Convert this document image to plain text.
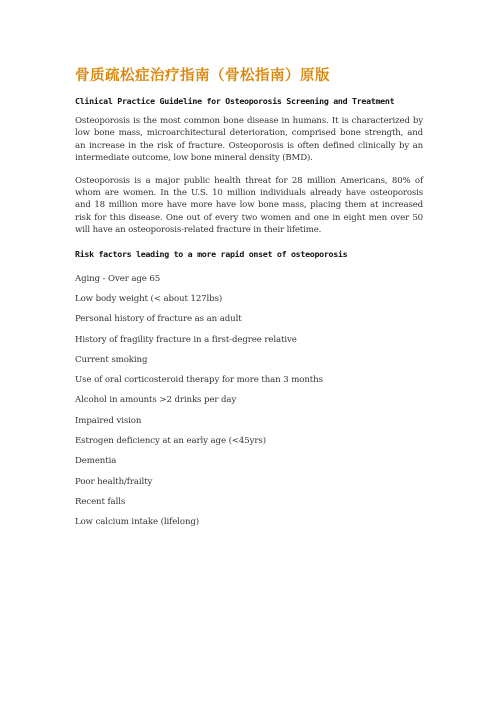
骨质疏松症治疗指南（骨松指南）原版

Clinical Practice Guideline for Osteoporosis Screening and Treatment

Osteoporosis is the most common bone disease in humans. It is characterized by low bone mass, microarchitectural deterioration, comprised bone strength, and an increase in the risk of fracture. Osteoporosis is often defined clinically by an intermediate outcome, low bone mineral density (BMD).

Osteoporosis is a major public health threat for 28 million Americans, 80% of whom are women. In the U.S. 10 million individuals already have osteoporosis and 18 million more have more have low bone mass, placing them at increased risk for this disease. One out of every two women and one in eight men over 50 will have an osteoporosis-related fracture in their lifetime.

Risk factors leading to a more rapid onset of osteoporosis
Aging - Over age 65
Low body weight (< about 127lbs)
Personal history of fracture as an adult
History of fragility fracture in a first-degree relative
Current smoking
Use of oral corticosteroid therapy for more than 3 months
Alcohol in amounts >2 drinks per day
Impaired vision
Estrogen deficiency at an early age (<45yrs)
Dementia
Poor health/frailty
Recent falls
Low calcium intake (lifelong)
